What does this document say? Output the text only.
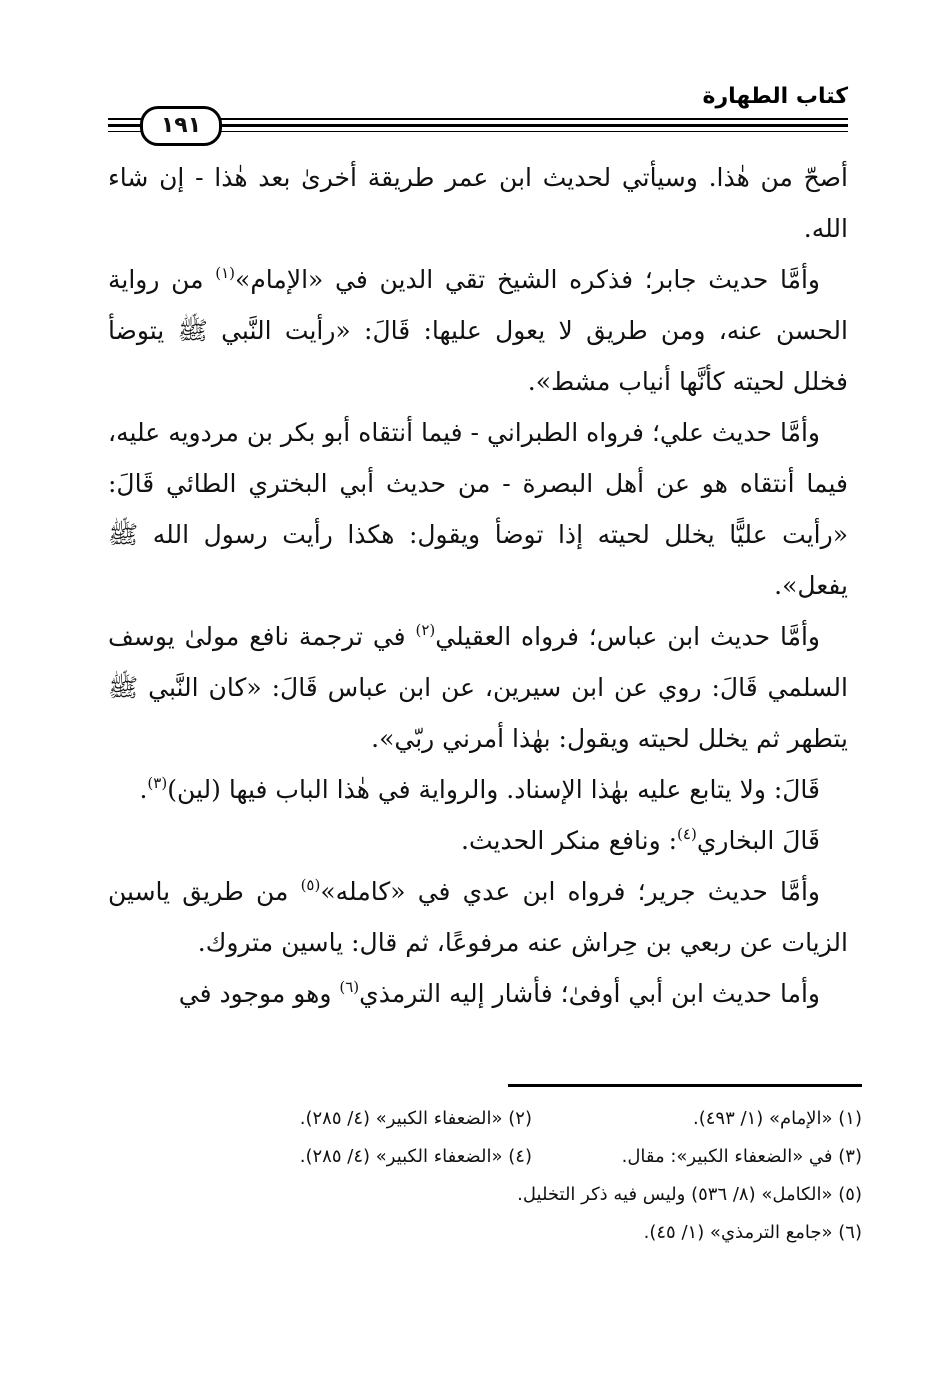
كتاب الطهارة
١٩١

أصحّ من هٰذا. وسيأتي لحديث ابن عمر طريقة أخرىٰ بعد هٰذا - إن شاء الله.

وأمَّا حديث جابر؛ فذكره الشيخ تقي الدين في «الإمام»$^{(١)}$ من رواية الحسن عنه، ومن طريق لا يعول عليها: قَالَ: «رأيت النَّبي ﷺ يتوضأ فخلل لحيته كأنَّها أنياب مشط».

وأمَّا حديث علي؛ فرواه الطبراني - فيما أنتقاه أبو بكر بن مردويه عليه، فيما أنتقاه هو عن أهل البصرة - من حديث أبي البختري الطائي قَالَ: «رأيت عليًّا يخلل لحيته إذا توضأ ويقول: هكذا رأيت رسول الله ﷺ يفعل».

وأمَّا حديث ابن عباس؛ فرواه العقيلي$^{(٢)}$ في ترجمة نافع مولىٰ يوسف السلمي قَالَ: روي عن ابن سيرين، عن ابن عباس قَالَ: «كان النَّبي ﷺ يتطهر ثم يخلل لحيته ويقول: بهٰذا أمرني ربّي».

قَالَ: ولا يتابع عليه بهٰذا الإسناد. والرواية في هٰذا الباب فيها (لين)$^{(٣)}$.

قَالَ البخاري$^{(٤)}$: ونافع منكر الحديث.

وأمَّا حديث جرير؛ فرواه ابن عدي في «كامله»$^{(٥)}$ من طريق ياسين الزيات عن ربعي بن حِراش عنه مرفوعًا، ثم قال: ياسين متروك.

وأما حديث ابن أبي أوفىٰ؛ فأشار إليه الترمذي$^{(٦)}$ وهو موجود في

(١) «الإمام» (١/ ٤٩٣).
(٢) «الضعفاء الكبير» (٤/ ٢٨٥).
(٣) في «الضعفاء الكبير»: مقال.
(٤) «الضعفاء الكبير» (٤/ ٢٨٥).
(٥) «الكامل» (٨/ ٥٣٦) وليس فيه ذكر التخليل.
(٦) «جامع الترمذي» (١/ ٤٥).
